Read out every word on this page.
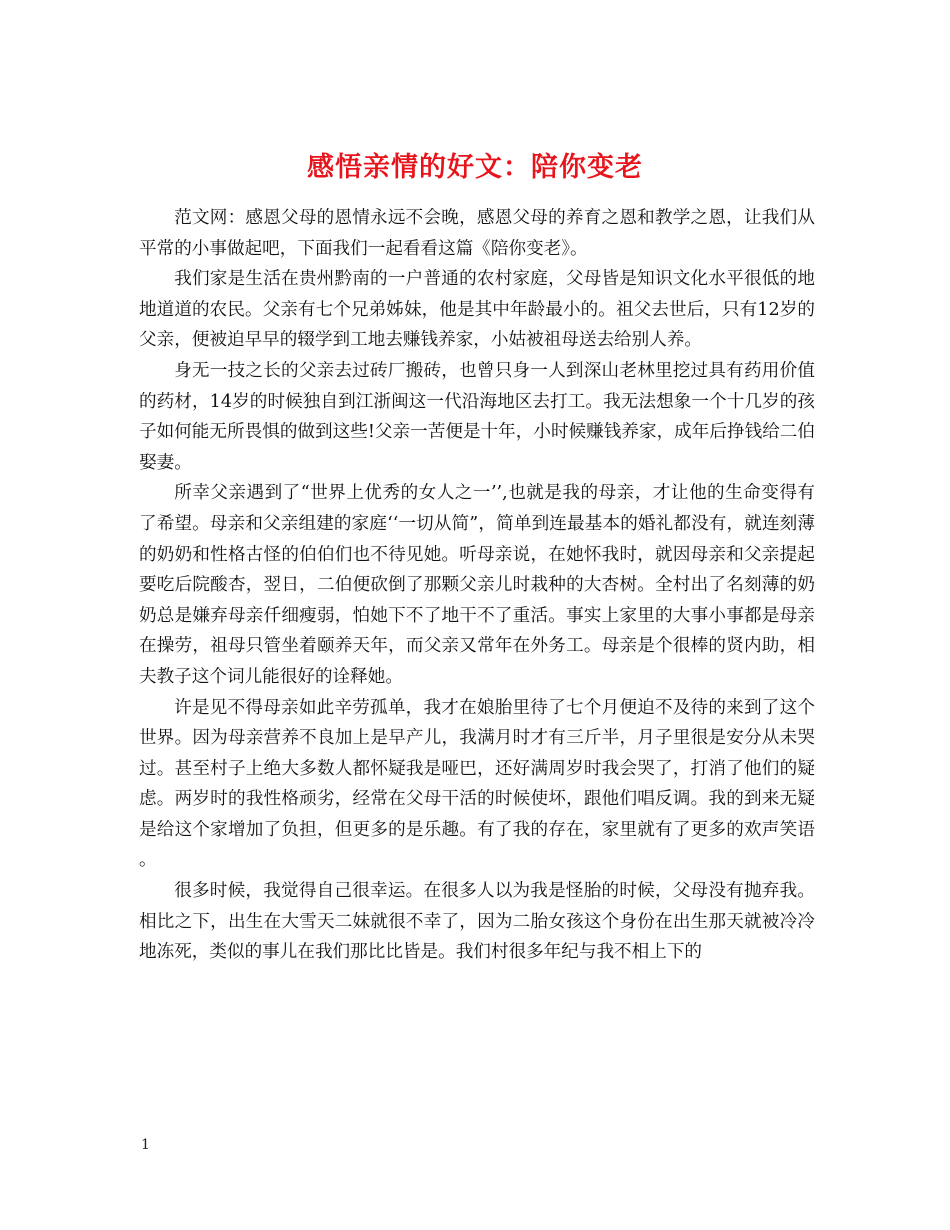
感悟亲情的好文：陪你变老

范文网：感恩父母的恩情永远不会晚，感恩父母的养育之恩和教学之恩，让我们从平常的小事做起吧，下面我们一起看看这篇《陪你变老》。

我们家是生活在贵州黔南的一户普通的农村家庭，父母皆是知识文化水平很低的地地道道的农民。父亲有七个兄弟姊妹，他是其中年龄最小的。祖父去世后，只有12岁的父亲，便被迫早早的辍学到工地去赚钱养家，小姑被祖母送去给别人养。

身无一技之长的父亲去过砖厂搬砖，也曾只身一人到深山老林里挖过具有药用价值的药材，14岁的时候独自到江浙闽这一代沿海地区去打工。我无法想象一个十几岁的孩子如何能无所畏惧的做到这些!父亲一苦便是十年，小时候赚钱养家，成年后挣钱给二伯娶妻。

所幸父亲遇到了“世界上优秀的女人之一’’,也就是我的母亲，才让他的生命变得有了希望。母亲和父亲组建的家庭‘‘一切从简”，简单到连最基本的婚礼都没有，就连刻薄的奶奶和性格古怪的伯伯们也不待见她。听母亲说，在她怀我时，就因母亲和父亲提起要吃后院酸杏，翌日，二伯便砍倒了那颗父亲儿时栽种的大杏树。全村出了名刻薄的奶奶总是嫌弃母亲仟细瘦弱，怕她下不了地干不了重活。事实上家里的大事小事都是母亲在操劳，祖母只管坐着颐养天年，而父亲又常年在外务工。母亲是个很棒的贤内助，相夫教子这个词儿能很好的诠释她。

许是见不得母亲如此辛劳孤单，我才在娘胎里待了七个月便迫不及待的来到了这个世界。因为母亲营养不良加上是早产儿，我满月时才有三斤半，月子里很是安分从未哭过。甚至村子上绝大多数人都怀疑我是哑巴，还好满周岁时我会哭了，打消了他们的疑虑。两岁时的我性格顽劣，经常在父母干活的时候使坏，跟他们唱反调。我的到来无疑是给这个家增加了负担，但更多的是乐趣。有了我的存在，家里就有了更多的欢声笑语。

很多时候，我觉得自己很幸运。在很多人以为我是怪胎的时候，父母没有抛弃我。相比之下，出生在大雪天二妹就很不幸了，因为二胎女孩这个身份在出生那天就被冷冷地冻死，类似的事儿在我们那比比皆是。我们村很多年纪与我不相上下的

1
